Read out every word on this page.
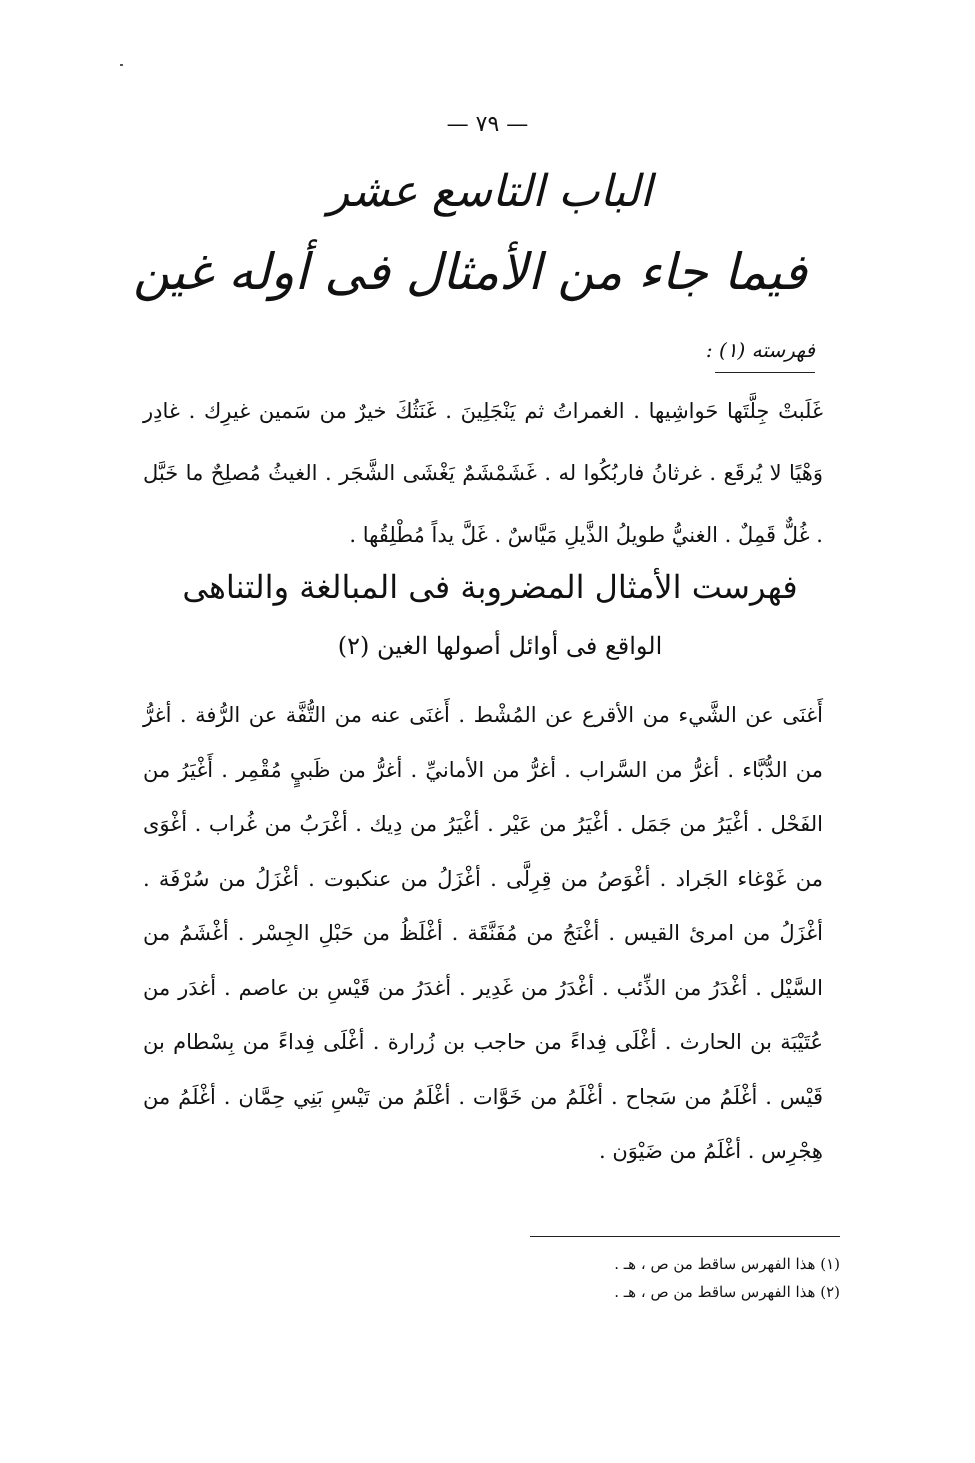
— ٧٩ —
الباب التاسع عشر
فيما جاء من الأمثال فى أوله غين
فهرسته (١) :
غَلَبتْ جِلَّتَها حَواشِيها . الغمراتُ ثم يَنْجَلِينَ . غَنَثُكَ خيرٌ من سَمين غيرِك . غادِر وَهْيًا لا يُرقَع . غرثانُ فاربُكُوا له . غَشَمْشَمٌ يَغْشَى الشَّجَر . الغيثُ مُصلِحٌ ما خَبَّل . غُلٌّ قَمِلٌ . الغنيُّ طويلُ الذَّيلِ مَيَّاسٌ . غَلَّ يداً مُطْلِقُها .
فهرست الأمثال المضروبة فى المبالغة والتناهى
الواقع فى أوائل أصولها الغين (٢)
أَغنَى عن الشَّيء من الأقرع عن المُشْط . أَغنَى عنه من التُّفَّة عن الرُّفة . أغرُّ من الدُّبَّاء . أغرُّ من السَّراب . أغرُّ من الأمانيِّ . أغرُّ من ظَبيٍ مُقْمِر . أَغْيَرُ من الفَحْل . أغْيَرُ من جَمَل . أغْيَرُ من عَيْر . أغْيَرُ من دِيك . أغْرَبُ من غُراب . أغْوَى من غَوْغاء الجَراد . أغْوَصُ من قِرِلَّى . أغْزَلُ من عنكبوت . أغْزَلُ من سُرْفَة . أغْزَلُ من امرئ القيس . أغْنَجُ من مُفَنَّقَة . أغْلَظُ من حَبْلِ الجِسْر . أغْشَمُ من السَّيْل . أغْدَرُ من الذِّئب . أغْدَرُ من غَدِير . أغدَرُ من قَيْسِ بن عاصم . أغدَر من عُتَيْبَة بن الحارث . أغْلَى فِداءً من حاجب بن زُرارة . أغْلَى فِداءً من بِسْطام بن قَيْس . أغْلَمُ من سَجاح . أغْلَمُ من خَوَّات . أغْلَمُ من تَيْسِ بَنِي حِمَّان . أغْلَمُ من هِجْرِس . أغْلَمُ من ضَيْوَن .
(١) هذا الفهرس ساقط من ص ، هـ .
(٢) هذا الفهرس ساقط من ص ، هـ .
